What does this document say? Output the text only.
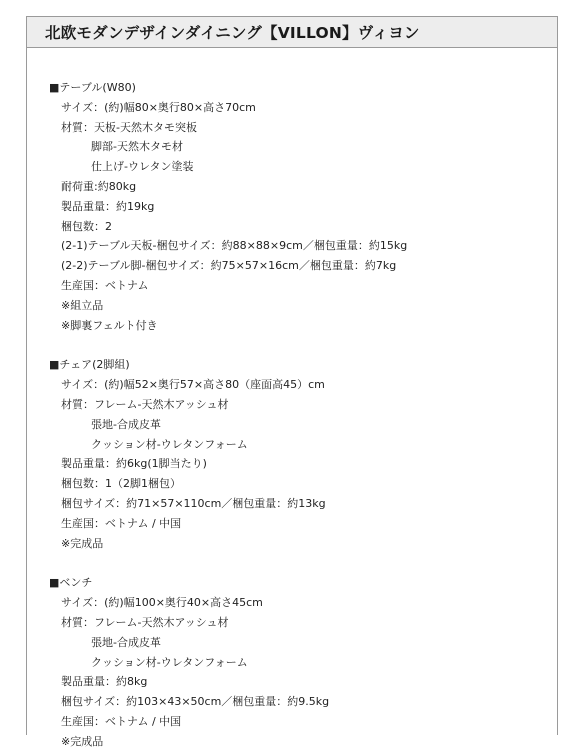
北欧モダンデザインダイニング【VILLON】ヴィヨン
■テーブル(W80)
サイズ：(約)幅80×奥行80×高さ70cm
材質：天板-天然木タモ突板
脚部-天然木タモ材
仕上げ-ウレタン塗装
耐荷重:約80kg
製品重量：約19kg
梱包数：2
(2-1)テーブル天板-梱包サイズ：約88×88×9cm／梱包重量：約15kg
(2-2)テーブル脚-梱包サイズ：約75×57×16cm／梱包重量：約7kg
生産国：ベトナム
※組立品
※脚裏フェルト付き
■チェア(2脚組)
サイズ：(約)幅52×奥行57×高さ80（座面高45）cm
材質：フレーム-天然木アッシュ材
張地-合成皮革
クッション材-ウレタンフォーム
製品重量：約6kg(1脚当たり)
梱包数：1（2脚1梱包）
梱包サイズ：約71×57×110cm／梱包重量：約13kg
生産国：ベトナム / 中国
※完成品
■ベンチ
サイズ：(約)幅100×奥行40×高さ45cm
材質：フレーム-天然木アッシュ材
張地-合成皮革
クッション材-ウレタンフォーム
製品重量：約8kg
梱包サイズ：約103×43×50cm／梱包重量：約9.5kg
生産国：ベトナム / 中国
※完成品
